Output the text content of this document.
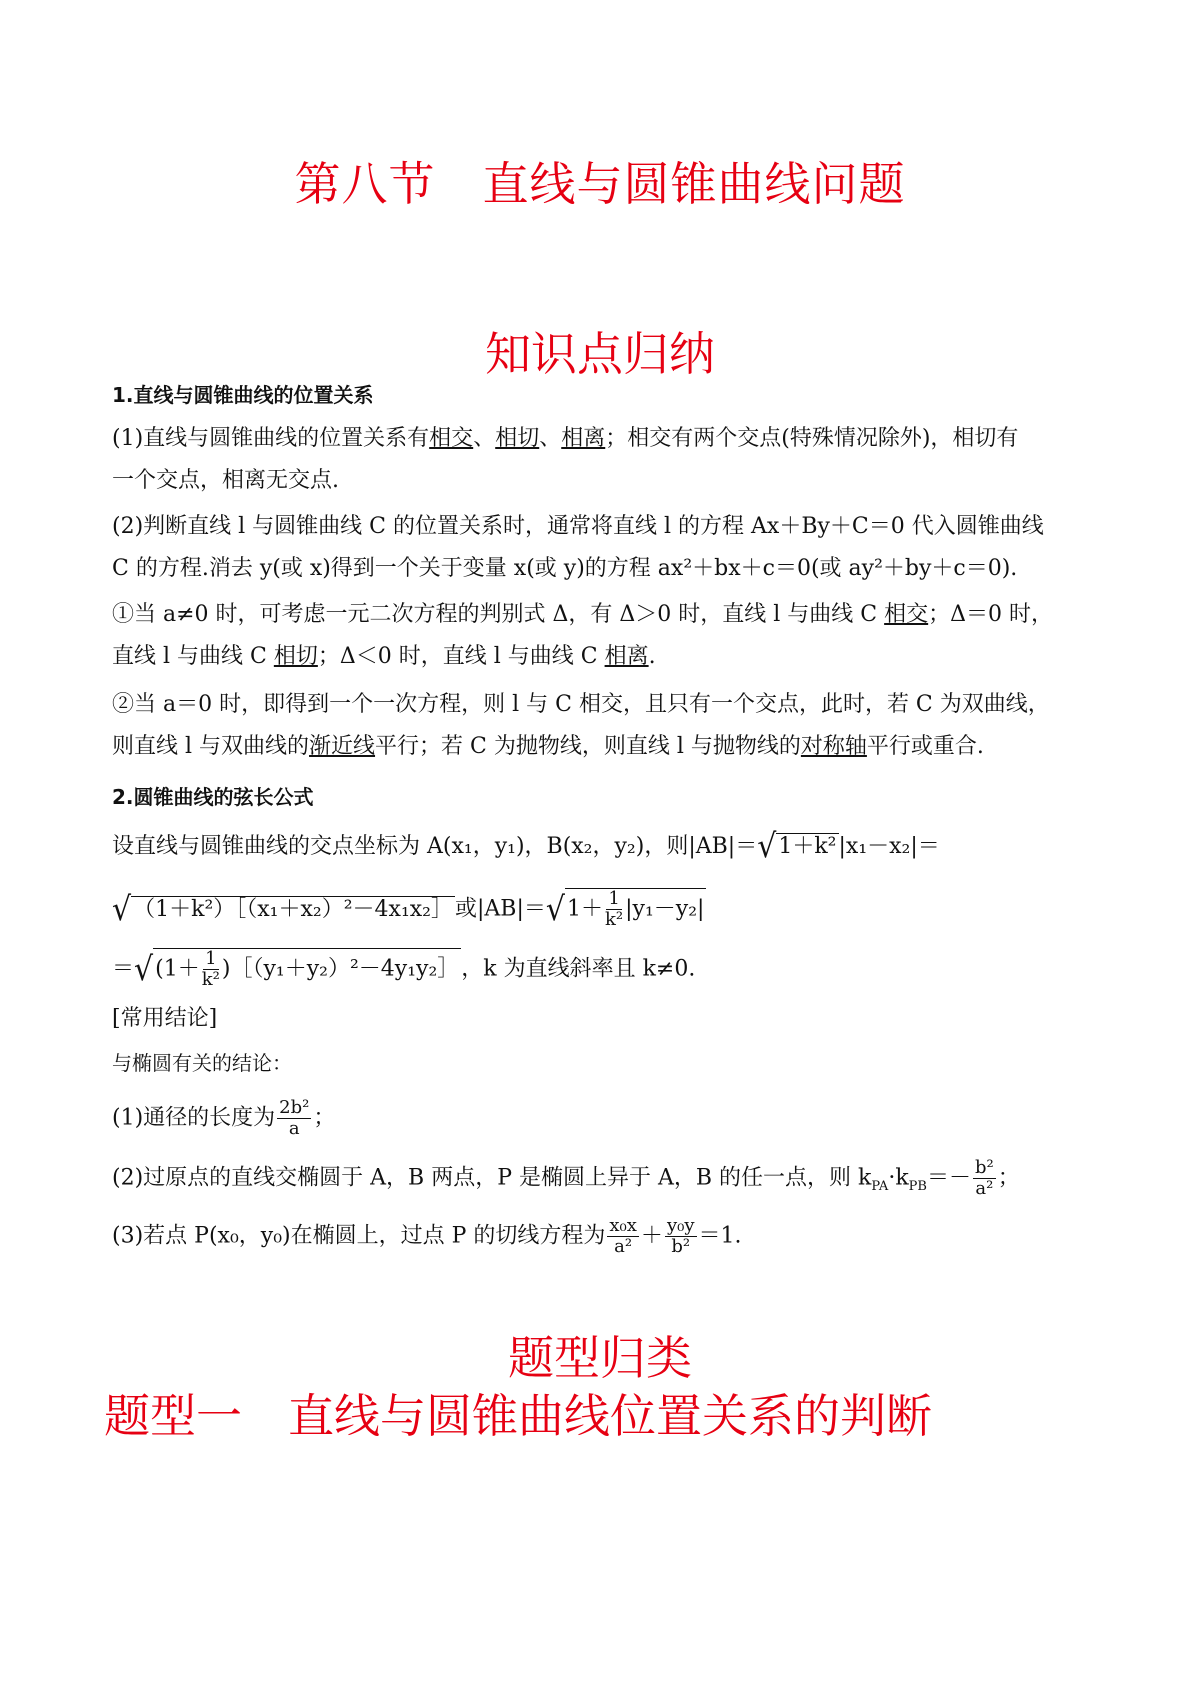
第八节　直线与圆锥曲线问题
知识点归纳
1.直线与圆锥曲线的位置关系
(1)直线与圆锥曲线的位置关系有相交、相切、相离；相交有两个交点(特殊情况除外)，相切有
一个交点，相离无交点.
(2)判断直线 l 与圆锥曲线 C 的位置关系时，通常将直线 l 的方程 Ax＋By＋C＝0 代入圆锥曲线
C 的方程.消去 y(或 x)得到一个关于变量 x(或 y)的方程 ax²＋bx＋c＝0(或 ay²＋by＋c＝0).
①当 a≠0 时，可考虑一元二次方程的判别式 Δ，有 Δ＞0 时，直线 l 与曲线 C 相交；Δ＝0 时，
直线 l 与曲线 C 相切；Δ＜0 时，直线 l 与曲线 C 相离.
②当 a＝0 时，即得到一个一次方程，则 l 与 C 相交，且只有一个交点，此时，若 C 为双曲线，
则直线 l 与双曲线的渐近线平行；若 C 为抛物线，则直线 l 与抛物线的对称轴平行或重合.
2.圆锥曲线的弦长公式
设直线与圆锥曲线的交点坐标为 A(x₁，y₁)，B(x₂，y₂)，则|AB|＝√1＋k²|x₁－x₂|＝
√（1＋k²）［（x₁＋x₂）²－4x₁x₂］或$|AB|=√1+ \frac{1}{\text{k²}} |y_1-y_2|$
$=√(1+ \frac{1}{\text{k²}}$ )［（y₁＋y₂）²－4y₁y₂］，k 为直线斜率且 k≠0.
[常用结论]
与椭圆有关的结论：
(1)通径的长度为 $\frac{\text{2b²}}{a}$ ；
(2)过原点的直线交椭圆于 A，B 两点，P 是椭圆上异于 A，B 的任一点，则 $k_{PA}\cdot k_{PB}=- \frac{\text{b²}}{\text{a²}}$ ；
(3)若点 P(x₀，y₀)在椭圆上，过点 P 的切线方程为 $\frac{\text{x₀x}}{\text{a²}} + \frac{\text{y₀y}}{\text{b²}} =1$.
题型归类
题型一　直线与圆锥曲线位置关系的判断
